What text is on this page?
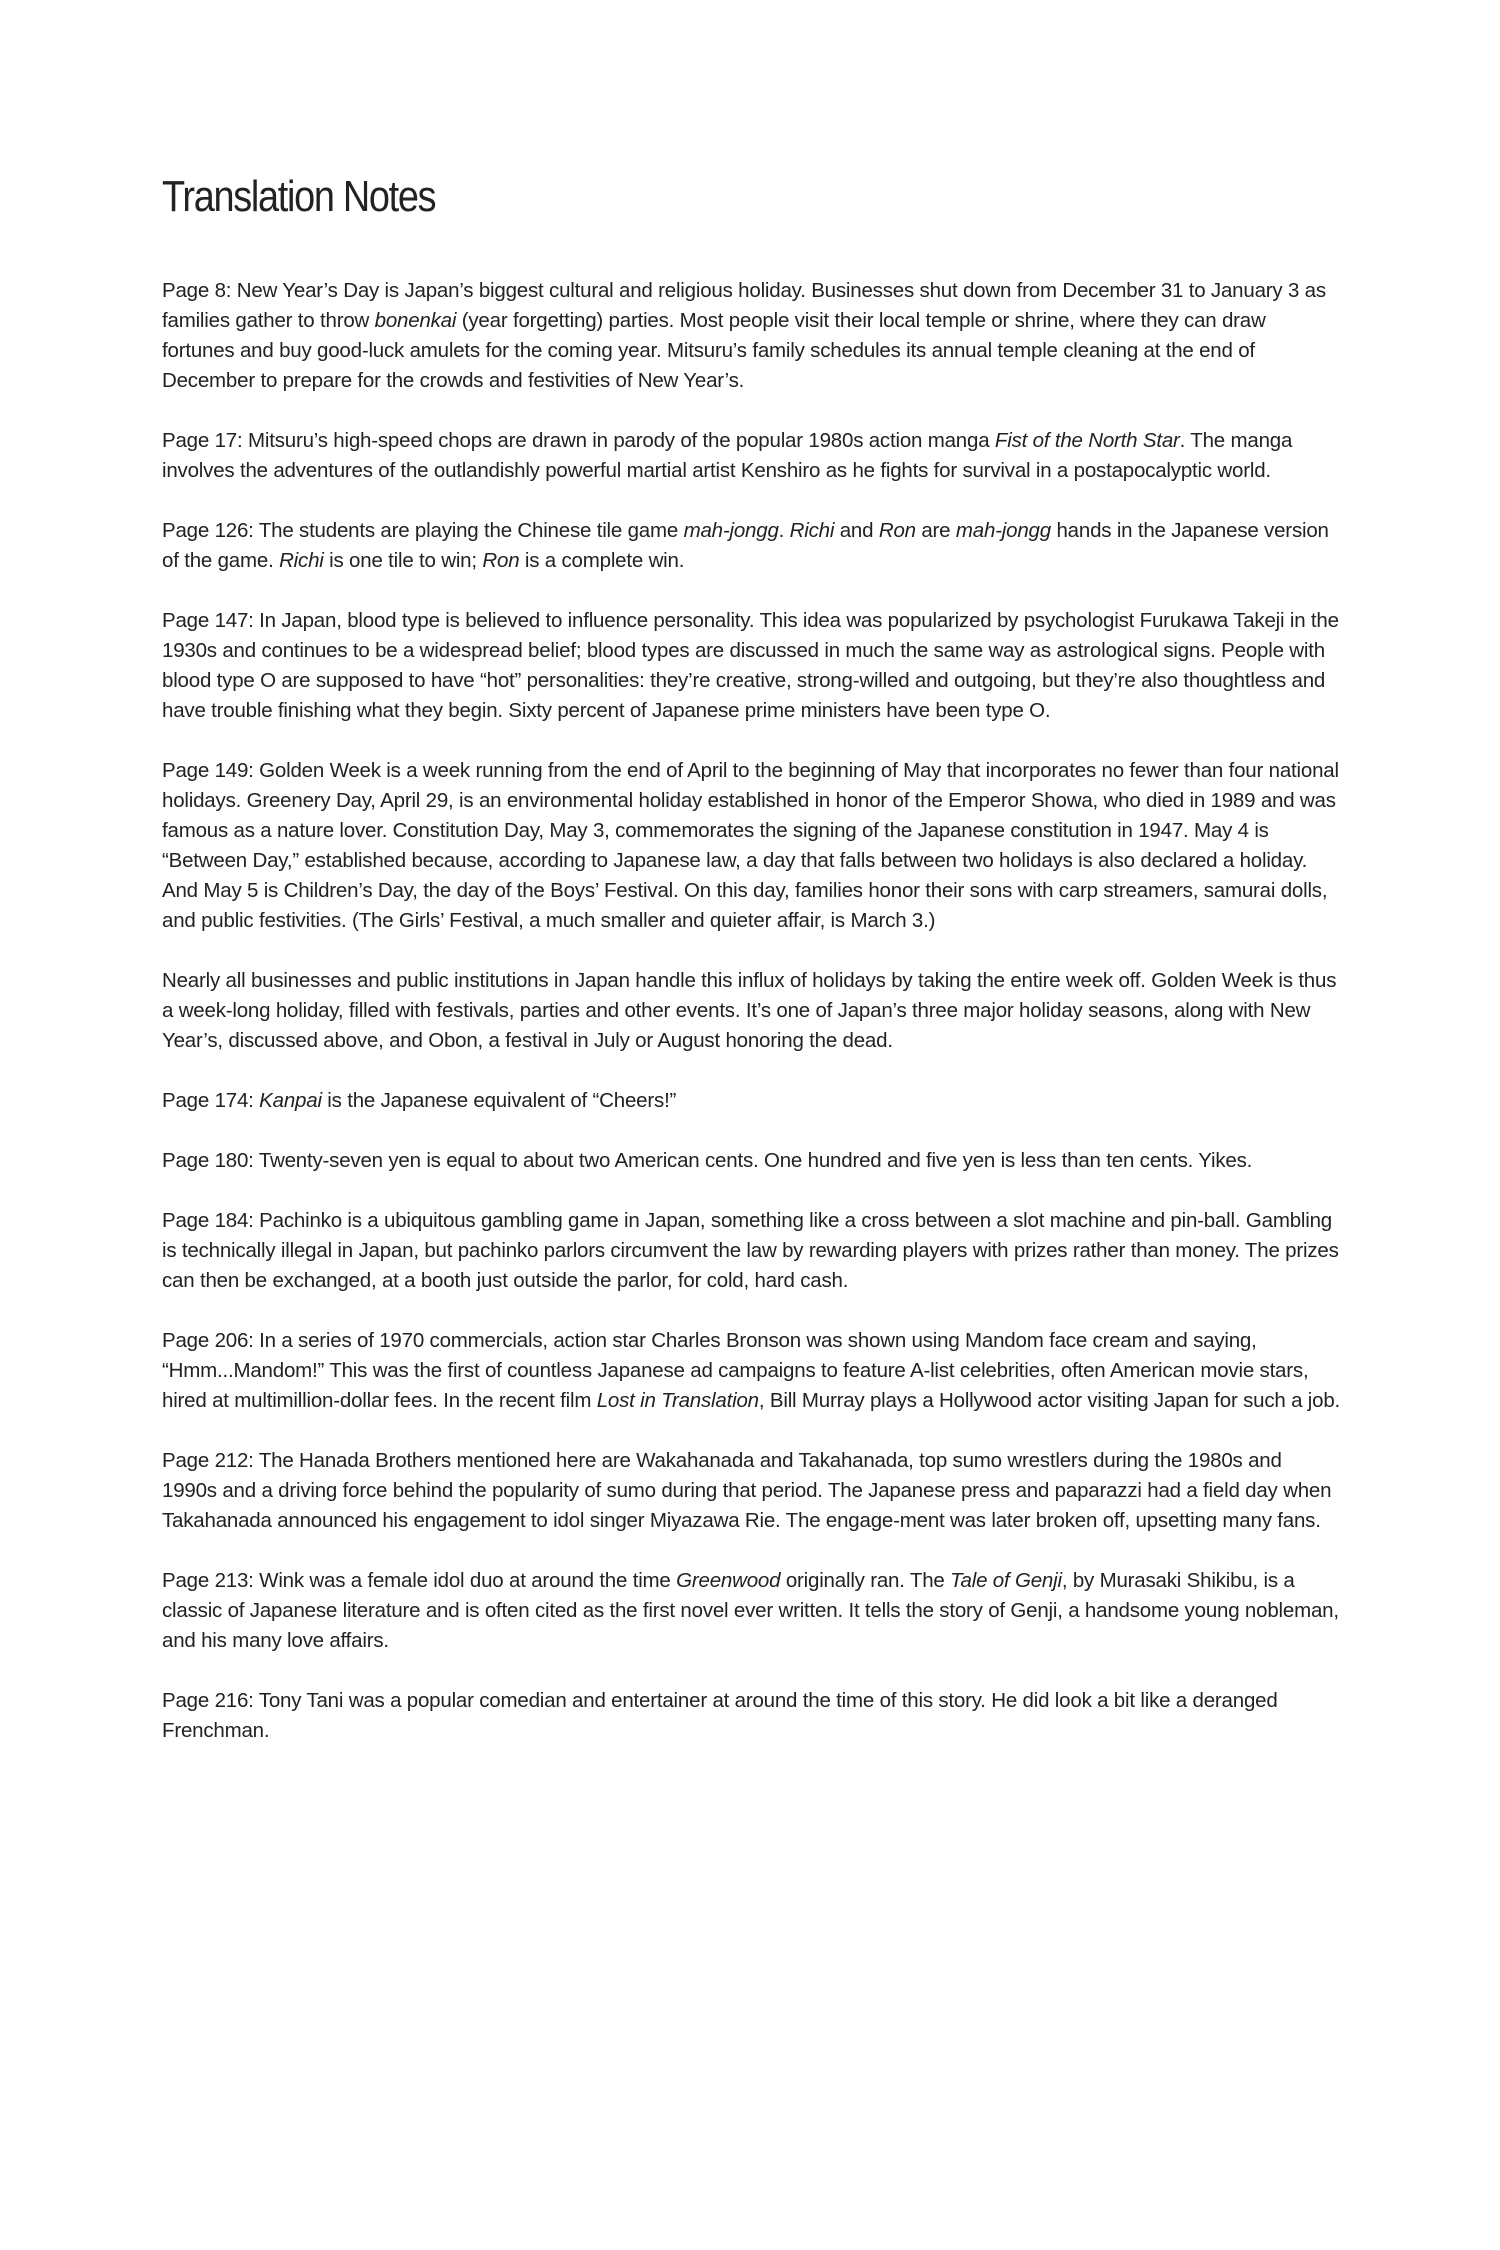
Translation Notes

Page 8: New Year’s Day is Japan’s biggest cultural and religious holiday. Businesses shut down from December 31 to January 3 as families gather to throw bonenkai (year forgetting) parties. Most people visit their local temple or shrine, where they can draw fortunes and buy good-luck amulets for the coming year. Mitsuru’s family schedules its annual temple cleaning at the end of December to prepare for the crowds and festivities of New Year’s.

Page 17: Mitsuru’s high-speed chops are drawn in parody of the popular 1980s action manga Fist of the North Star. The manga involves the adventures of the outlandishly powerful martial artist Kenshiro as he fights for survival in a postapocalyptic world.

Page 126: The students are playing the Chinese tile game mah-jongg. Richi and Ron are mah-jongg hands in the Japanese version of the game. Richi is one tile to win; Ron is a complete win.

Page 147: In Japan, blood type is believed to influence personality. This idea was popularized by psychologist Furukawa Takeji in the 1930s and continues to be a widespread belief; blood types are discussed in much the same way as astrological signs. People with blood type O are supposed to have “hot” personalities: they’re creative, strong-willed and outgoing, but they’re also thoughtless and have trouble finishing what they begin. Sixty percent of Japanese prime ministers have been type O.

Page 149: Golden Week is a week running from the end of April to the beginning of May that incorporates no fewer than four national holidays. Greenery Day, April 29, is an environmental holiday established in honor of the Emperor Showa, who died in 1989 and was famous as a nature lover. Constitution Day, May 3, commemorates the signing of the Japanese constitution in 1947. May 4 is “Between Day,” established because, according to Japanese law, a day that falls between two holidays is also declared a holiday. And May 5 is Children’s Day, the day of the Boys’ Festival. On this day, families honor their sons with carp streamers, samurai dolls, and public festivities. (The Girls’ Festival, a much smaller and quieter affair, is March 3.)

Nearly all businesses and public institutions in Japan handle this influx of holidays by taking the entire week off. Golden Week is thus a week-long holiday, filled with festivals, parties and other events. It’s one of Japan’s three major holiday seasons, along with New Year’s, discussed above, and Obon, a festival in July or August honoring the dead.

Page 174: Kanpai is the Japanese equivalent of “Cheers!”

Page 180: Twenty-seven yen is equal to about two American cents. One hundred and five yen is less than ten cents. Yikes.

Page 184: Pachinko is a ubiquitous gambling game in Japan, something like a cross between a slot machine and pin-ball. Gambling is technically illegal in Japan, but pachinko parlors circumvent the law by rewarding players with prizes rather than money. The prizes can then be exchanged, at a booth just outside the parlor, for cold, hard cash.

Page 206: In a series of 1970 commercials, action star Charles Bronson was shown using Mandom face cream and saying, “Hmm...Mandom!” This was the first of countless Japanese ad campaigns to feature A-list celebrities, often American movie stars, hired at multimillion-dollar fees. In the recent film Lost in Translation, Bill Murray plays a Hollywood actor visiting Japan for such a job.

Page 212: The Hanada Brothers mentioned here are Wakahanada and Takahanada, top sumo wrestlers during the 1980s and 1990s and a driving force behind the popularity of sumo during that period. The Japanese press and paparazzi had a field day when Takahanada announced his engagement to idol singer Miyazawa Rie. The engage-ment was later broken off, upsetting many fans.

Page 213: Wink was a female idol duo at around the time Greenwood originally ran. The Tale of Genji, by Murasaki Shikibu, is a classic of Japanese literature and is often cited as the first novel ever written. It tells the story of Genji, a handsome young nobleman, and his many love affairs.

Page 216: Tony Tani was a popular comedian and entertainer at around the time of this story. He did look a bit like a deranged Frenchman.
